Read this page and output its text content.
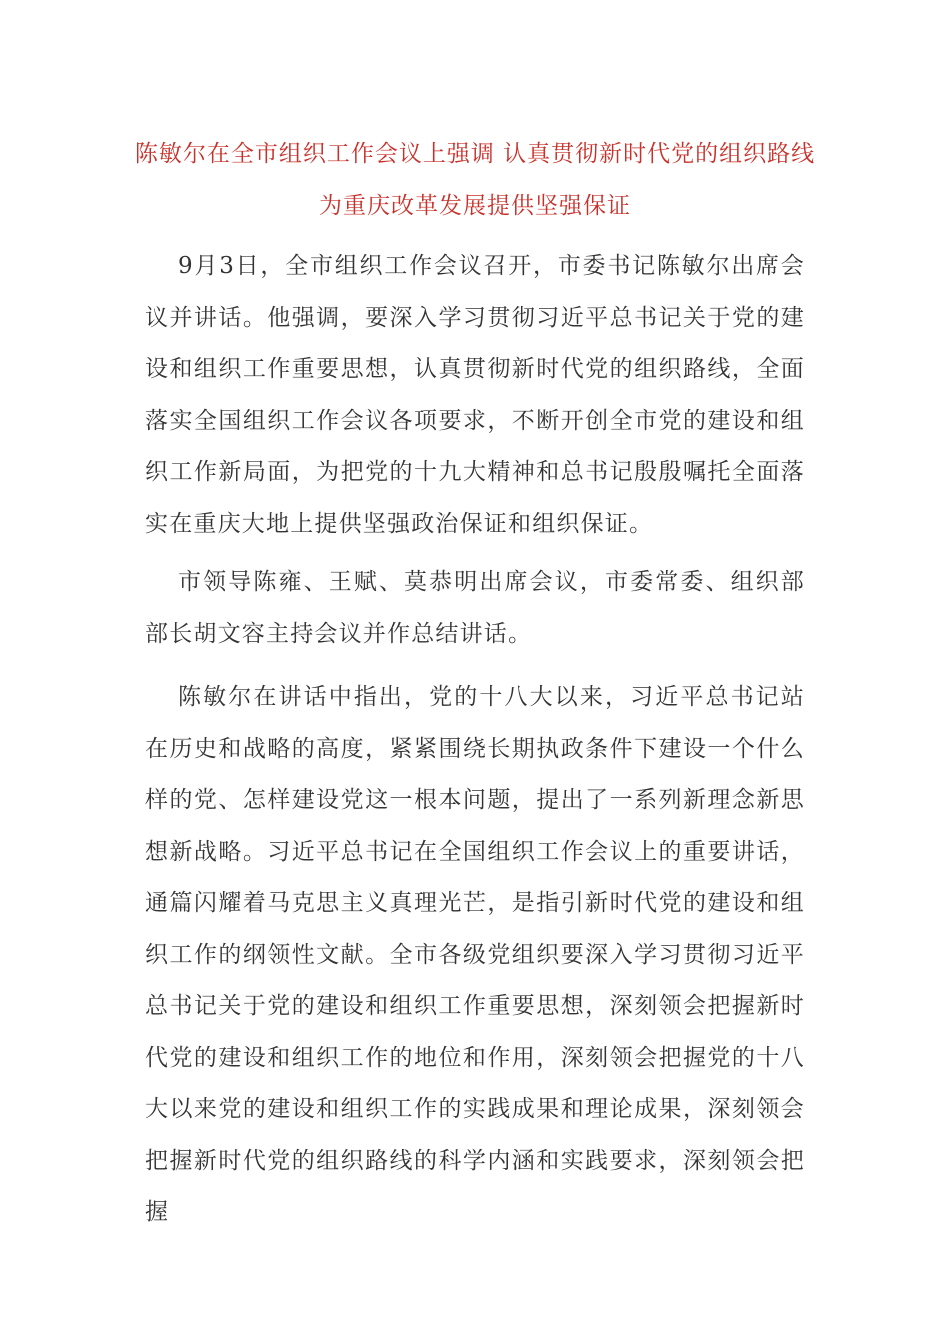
陈敏尔在全市组织工作会议上强调 认真贯彻新时代党的组织路线 为重庆改革发展提供坚强保证

9月3日，全市组织工作会议召开，市委书记陈敏尔出席会议并讲话。他强调，要深入学习贯彻习近平总书记关于党的建设和组织工作重要思想，认真贯彻新时代党的组织路线，全面落实全国组织工作会议各项要求，不断开创全市党的建设和组织工作新局面，为把党的十九大精神和总书记殷殷嘱托全面落实在重庆大地上提供坚强政治保证和组织保证。

市领导陈雍、王赋、莫恭明出席会议，市委常委、组织部部长胡文容主持会议并作总结讲话。

陈敏尔在讲话中指出，党的十八大以来，习近平总书记站在历史和战略的高度，紧紧围绕长期执政条件下建设一个什么样的党、怎样建设党这一根本问题，提出了一系列新理念新思想新战略。习近平总书记在全国组织工作会议上的重要讲话，通篇闪耀着马克思主义真理光芒，是指引新时代党的建设和组织工作的纲领性文献。全市各级党组织要深入学习贯彻习近平总书记关于党的建设和组织工作重要思想，深刻领会把握新时代党的建设和组织工作的地位和作用，深刻领会把握党的十八大以来党的建设和组织工作的实践成果和理论成果，深刻领会把握新时代党的组织路线的科学内涵和实践要求，深刻领会把握
